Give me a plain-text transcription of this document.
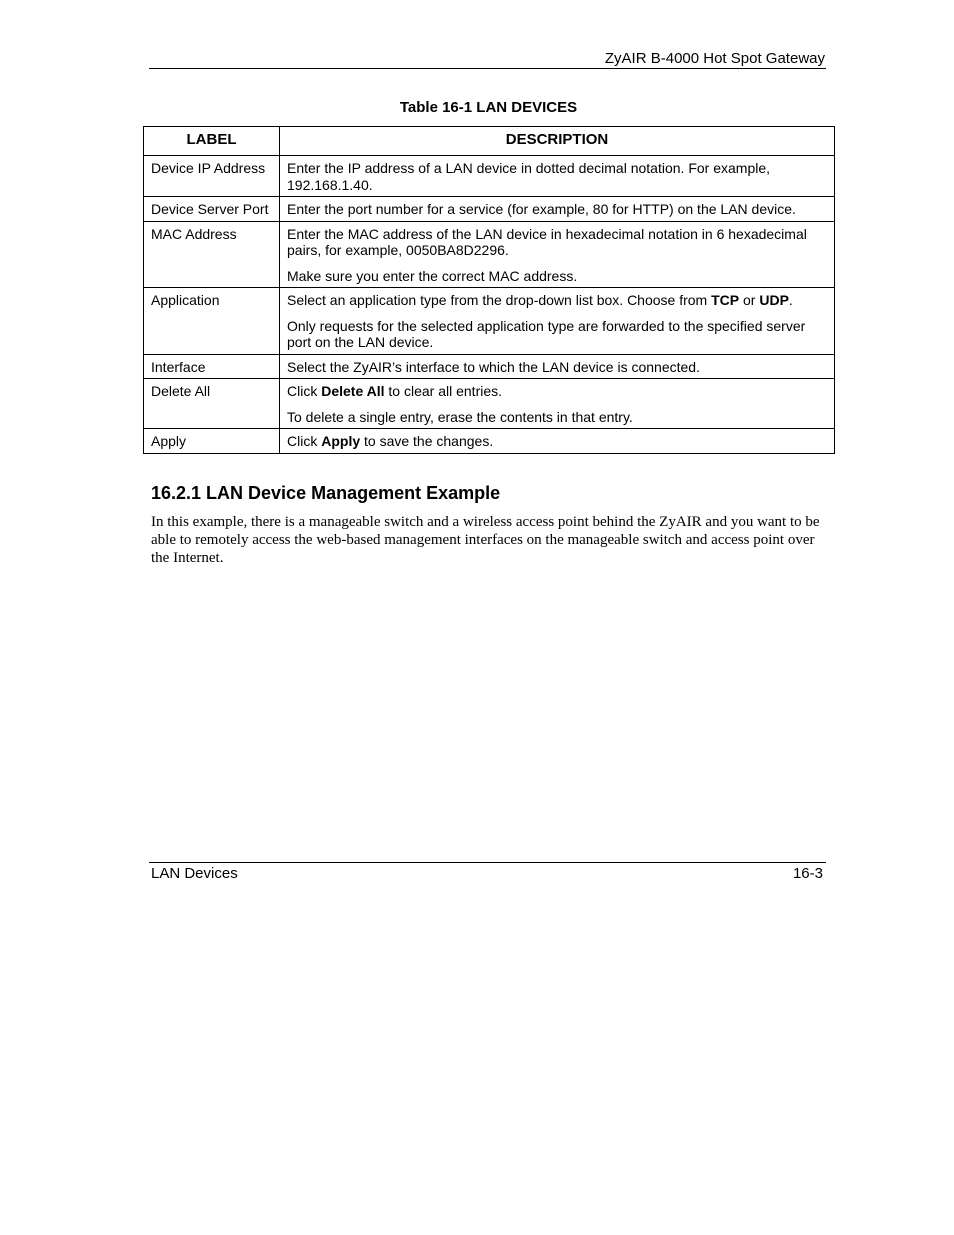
ZyAIR B-4000 Hot Spot Gateway
Table 16-1 LAN DEVICES
LABEL	DESCRIPTION
Device IP Address	Enter the IP address of a LAN device in dotted decimal notation. For example, 192.168.1.40.

Device Server Port	Enter the port number for a service (for example, 80 for HTTP) on the LAN device.

MAC Address	Enter the MAC address of the LAN device in hexadecimal notation in 6 hexadecimal pairs, for example, 0050BA8D2296.

Make sure you enter the correct MAC address.

Application	Select an application type from the drop-down list box. Choose from TCP or UDP.

Only requests for the selected application type are forwarded to the specified server port on the LAN device.

Interface	Select the ZyAIR’s interface to which the LAN device is connected.

Delete All	Click Delete All to clear all entries.

To delete a single entry, erase the contents in that entry.

Apply	Click Apply to save the changes.

16.2.1 LAN Device Management Example

In this example, there is a manageable switch and a wireless access point behind the ZyAIR and you want to be able to remotely access the web-based management interfaces on the manageable switch and access point over the Internet.

LAN Devices	16-3
